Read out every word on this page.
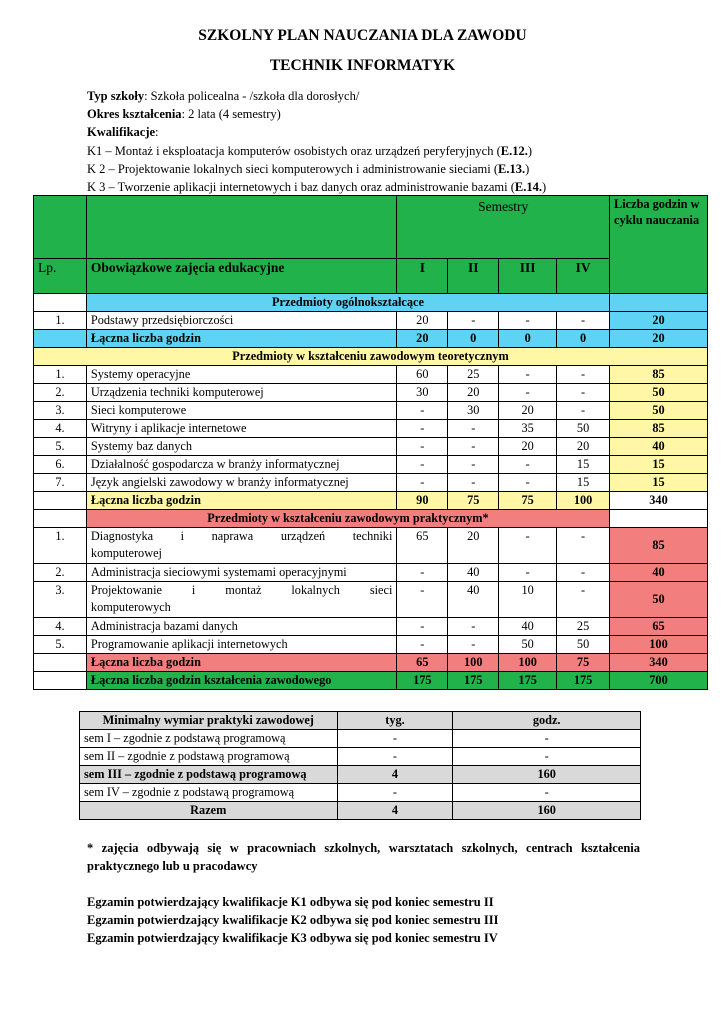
SZKOLNY PLAN NAUCZANIA DLA ZAWODU
TECHNIK INFORMATYK
Typ szkoły: Szkoła policealna - /szkoła dla dorosłych/
Okres kształcenia: 2 lata (4 semestry)
Kwalifikacje:
K1 – Montaż i eksploatacja komputerów osobistych oraz urządzeń peryferyjnych (E.12.)
K 2 – Projektowanie lokalnych sieci komputerowych i administrowanie sieciami (E.13.)
K 3 – Tworzenie aplikacji internetowych i baz danych oraz administrowanie bazami (E.14.)
		Semestry				Liczba godzin w cyklu nauczania
Lp.	Obowiązkowe zajęcia edukacyjne	I	II	III	IV	
	Przedmioty ogólnokształcące					
1.	Podstawy przedsiębiorczości	20	-	-	-	20
	Łączna liczba godzin	20	0	0	0	20
Przedmioty w kształceniu zawodowym teoretycznym						
1.	Systemy operacyjne	60	25	-	-	85
2.	Urządzenia techniki komputerowej	30	20	-	-	50
3.	Sieci komputerowe	-	30	20	-	50
4.	Witryny i aplikacje internetowe	-	-	35	50	85
5.	Systemy baz danych	-	-	20	20	40
6.	Działalność gospodarcza w branży informatycznej	-	-	-	15	15
7.	Język angielski zawodowy w branży informatycznej	-	-	-	15	15
	Łączna liczba godzin	90	75	75	100	340
	Przedmioty w kształceniu zawodowym praktycznym*					
1.	Diagnostyka i naprawa urządzeń techniki
komputerowej	65	20	-	-	85
2.	Administracja sieciowymi systemami operacyjnymi	-	40	-	-	40
3.	Projektowanie i montaż lokalnych sieci
komputerowych	-	40	10	-	50
4.	Administracja bazami danych	-	-	40	25	65
5.	Programowanie aplikacji internetowych	-	-	50	50	100
	Łączna liczba godzin	65	100	100	75	340
	Łączna liczba godzin kształcenia zawodowego	175	175	175	175	700
Minimalny wymiar praktyki zawodowej	tyg.	godz.
sem I – zgodnie z podstawą programową	-	-
sem II – zgodnie z podstawą programową	-	-
sem III – zgodnie z podstawą programową	4	160
sem IV – zgodnie z podstawą programową	-	-
Razem	4	160
* zajęcia odbywają się w pracowniach szkolnych, warsztatach szkolnych, centrach kształcenia praktycznego lub u pracodawcy
Egzamin potwierdzający kwalifikacje K1 odbywa się pod koniec semestru II
Egzamin potwierdzający kwalifikacje K2 odbywa się pod koniec semestru III
Egzamin potwierdzający kwalifikacje K3 odbywa się pod koniec semestru IV
